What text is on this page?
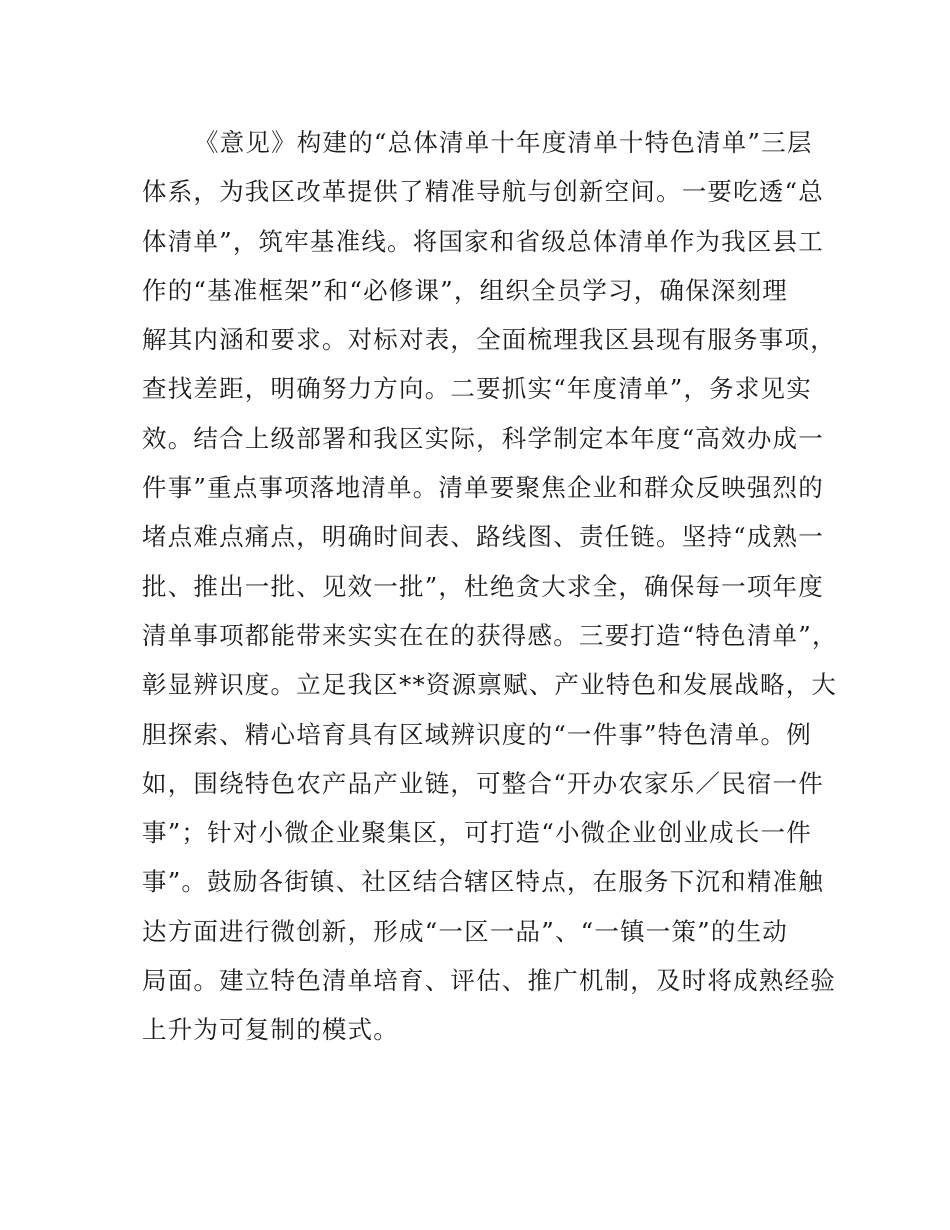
《意见》构建的“总体清单十年度清单十特色清单”三层
体系，为我区改革提供了精准导航与创新空间。一要吃透“总
体清单”，筑牢基准线。将国家和省级总体清单作为我区县工
作的“基准框架”和“必修课”，组织全员学习，确保深刻理
解其内涵和要求。对标对表，全面梳理我区县现有服务事项，
查找差距，明确努力方向。二要抓实“年度清单”，务求见实
效。结合上级部署和我区实际，科学制定本年度“高效办成一
件事”重点事项落地清单。清单要聚焦企业和群众反映强烈的
堵点难点痛点，明确时间表、路线图、责任链。坚持“成熟一
批、推出一批、见效一批”，杜绝贪大求全，确保每一项年度
清单事项都能带来实实在在的获得感。三要打造“特色清单”，
彰显辨识度。立足我区**资源禀赋、产业特色和发展战略，大
胆探索、精心培育具有区域辨识度的“一件事”特色清单。例
如，围绕特色农产品产业链，可整合“开办农家乐／民宿一件
事”；针对小微企业聚集区，可打造“小微企业创业成长一件
事”。鼓励各街镇、社区结合辖区特点，在服务下沉和精准触
达方面进行微创新，形成“一区一品”、“一镇一策”的生动
局面。建立特色清单培育、评估、推广机制，及时将成熟经验
上升为可复制的模式。
